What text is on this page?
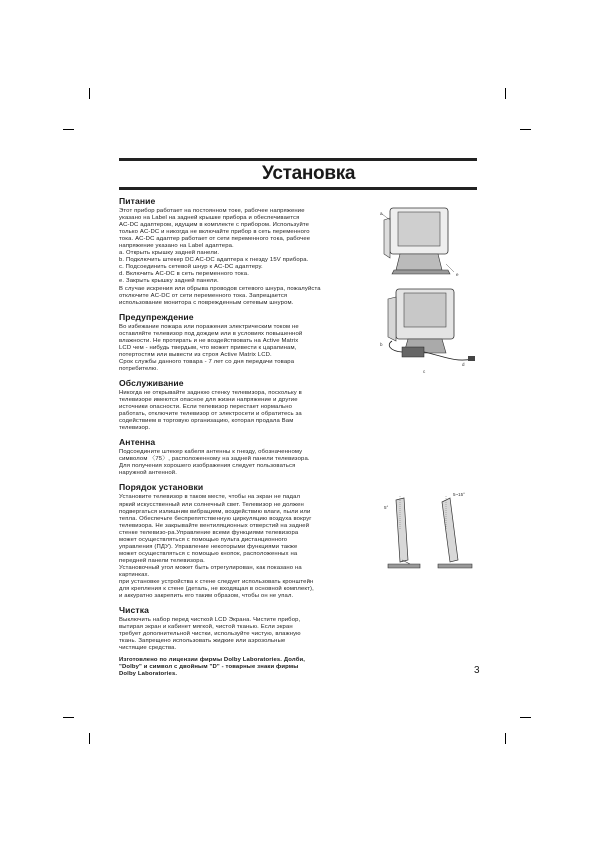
Установка
Питание
Этот прибор работает на постоянном токе, рабочее напряжение
указано на Label на задней крышке прибора и обеспечивается
AC-DC адаптером, идущим в комплекте с прибором. Используйте
только AC-DC и никогда не включайте прибор в сеть переменного
тока. AC-DC адаптер работает от сети переменного тока, рабочее
напряжение указано на Label адаптера.
a. Открыть крышку задней панели.
b. Подключить штекер DC AC-DC адаптера к гнезду 15V прибора.
c. Подсоединить сетевой шнур к AC-DC адаптеру.
d. Включить AC-DC в сеть переменного тока.
e. Закрыть крышку задней панели.
В случае искрения или обрыва проводов сетевого шнура, пожалуйста
отключите AC-DC от сети переменного тока. Запрещается
использование монитора с поврежденным сетевым шнуром.
Предупреждение
Во избежание пожара или поражения электрическим током не
оставляйте телевизор под дождем или в условиях повышенной
влажности. Не протирать и не воздействовать на Active Matrix
LCD чем - нибудь твердым, что может привести к царапинам,
потертостям или вывести из строя Active Matrix LCD.
Срок службы данного товара - 7 лет со дня передачи товара
потребителю.
Обслуживание
Никогда не открывайте заднюю стенку телевизора, поскольку в
телевизоре имеются опасное для жизни напряжение и другие
источники опасности. Если телевизор перестает нормально
работать, отключите телевизор от электросети и обратитесь за
содействием в торговую организацию, которая продала Вам
телевизор.
Антенна
Подсоедините штекер кабеля антенны к гнезду, обозначенному
символом 〈75〉, расположенному на задней панели телевизора.
Для получения хорошего изображения следует пользоваться
наружной антенной.
Порядок установки
Установите телевизор в таком месте, чтобы на экран не падал
яркий искусственный или солнечный свет. Телевизор не должен
подвергаться излишним вибрациям, воздействию влаги, пыли или
тепла. Обеспечьте беспрепятственную циркуляцию воздуха вокруг
телевизора. Не закрывайте вентиляционных отверстий на задней
стенке телевизо-ра.Управление всеми функциями телевизора
может осуществляться с помощью пульта дистанционного
управления (ПДУ). Управление некоторыми функциями также
может осуществляться с помощью кнопок, расположенных на
передней панели телевизора.
Установочный угол может быть отрегулирован, как показано на
картинках.
при установке устройства к стене следует использовать кронштейн
для крепления к стене (деталь, не входящая в основной комплект),
и аккуратно закрепить его таким образом, чтобы он не упал.
Чистка
Выключить набор перед чисткой LCD Экрана. Чистите прибор,
вытирая экран и кабинет мягкой, чистой тканью. Если экран
требует дополнительной чистки, используйте чистую, влажную
ткань. Запрещено использовать жидкие или аэрозольные
чистящие средства.
Изготовлено по лицензии фирмы Dolby Laboratories. Долби,
"Dolby" и символ с двойным "D" - товарные знаки фирмы
Dolby Laboratories.
a
e
b
d
c
5°
5~15°
3
